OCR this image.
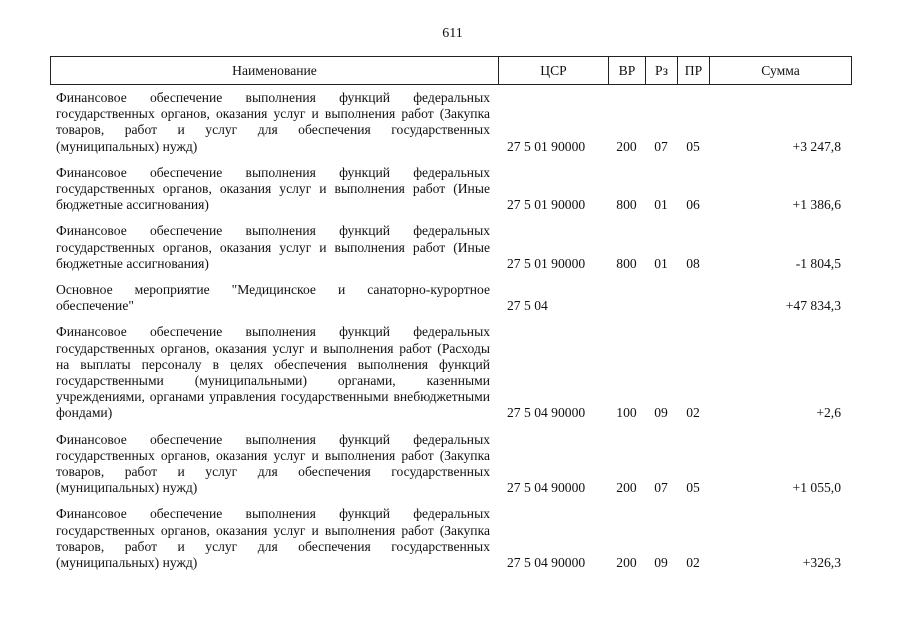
611
Наименование	ЦСР	ВР	Рз	ПР	Сумма
Финансовое обеспечение выполнения функций федеральных государственных органов, оказания услуг и выполнения работ (Закупка товаров, работ и услуг для обеспечения государственных (муниципальных) нужд)	27 5 01 90000	200	07	05	+3 247,8
Финансовое обеспечение выполнения функций федеральных государственных органов, оказания услуг и выполнения работ (Иные бюджетные ассигнования)	27 5 01 90000	800	01	06	+1 386,6
Финансовое обеспечение выполнения функций федеральных государственных органов, оказания услуг и выполнения работ (Иные бюджетные ассигнования)	27 5 01 90000	800	01	08	-1 804,5
Основное мероприятие "Медицинское и санаторно-курортное обеспечение"	27 5 04				+47 834,3
Финансовое обеспечение выполнения функций федеральных государственных органов, оказания услуг и выполнения работ (Расходы на выплаты персоналу в целях обеспечения выполнения функций государственными (муниципальными) органами, казенными учреждениями, органами управления государственными внебюджетными фондами)	27 5 04 90000	100	09	02	+2,6
Финансовое обеспечение выполнения функций федеральных государственных органов, оказания услуг и выполнения работ (Закупка товаров, работ и услуг для обеспечения государственных (муниципальных) нужд)	27 5 04 90000	200	07	05	+1 055,0
Финансовое обеспечение выполнения функций федеральных государственных органов, оказания услуг и выполнения работ (Закупка товаров, работ и услуг для обеспечения государственных (муниципальных) нужд)	27 5 04 90000	200	09	02	+326,3
